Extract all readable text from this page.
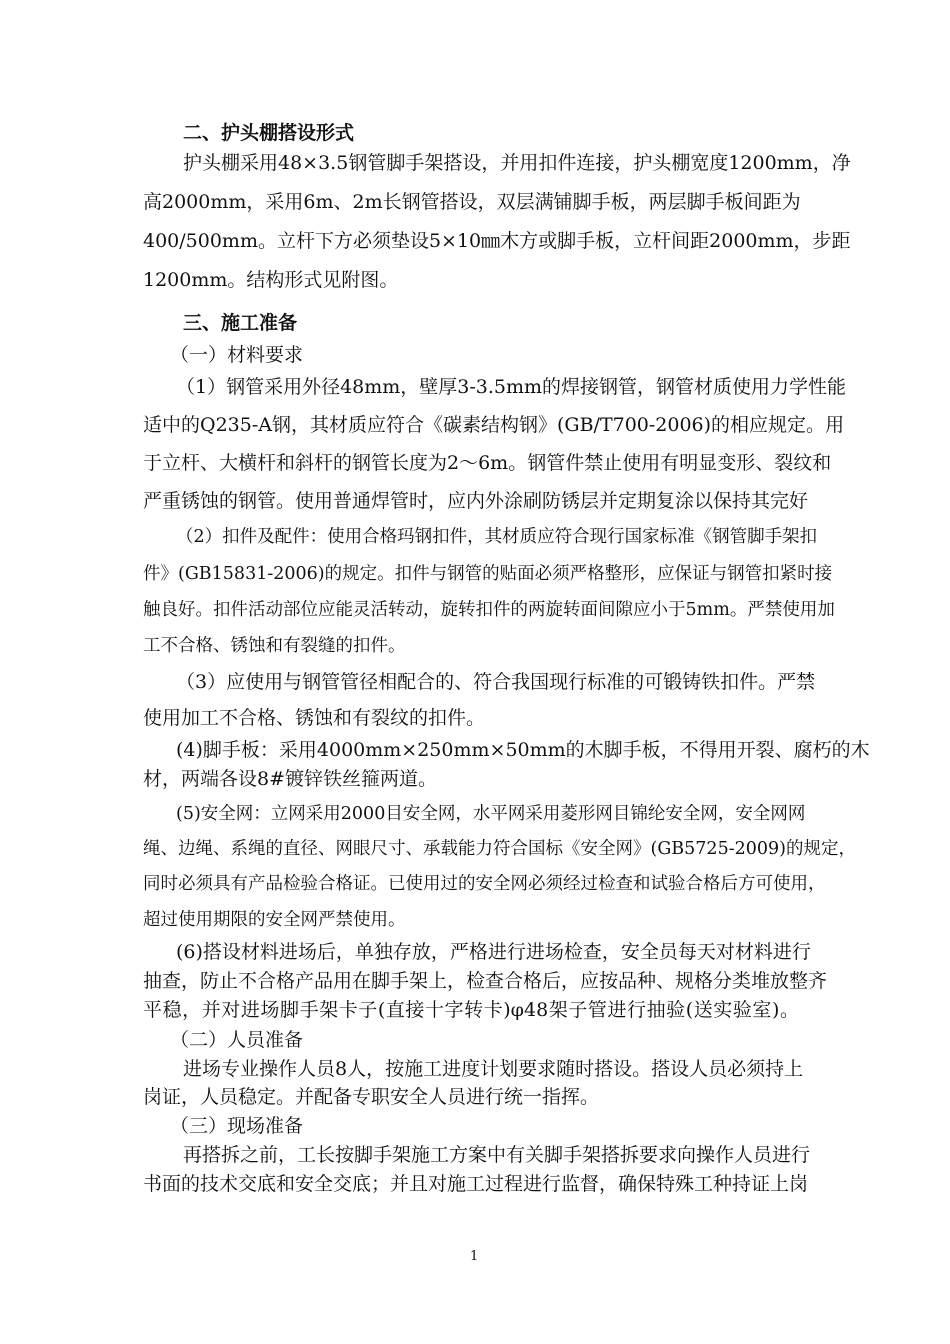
二、护头棚搭设形式
护头棚采用48×3.5钢管脚手架搭设，并用扣件连接，护头棚宽度1200mm，净
高2000mm，采用6m、2m长钢管搭设，双层满铺脚手板，两层脚手板间距为
400/500mm。立杆下方必须垫设5×10㎜木方或脚手板，立杆间距2000mm，步距
1200mm。结构形式见附图。
三、施工准备
（一）材料要求
（1）钢管采用外径48mm，壁厚3-3.5mm的焊接钢管，钢管材质使用力学性能
适中的Q235-A钢，其材质应符合《碳素结构钢》(GB/T700-2006)的相应规定。用
于立杆、大横杆和斜杆的钢管长度为2～6m。钢管件禁止使用有明显变形、裂纹和
严重锈蚀的钢管。使用普通焊管时，应内外涂刷防锈层并定期复涂以保持其完好
（2）扣件及配件：使用合格玛钢扣件，其材质应符合现行国家标准《钢管脚手架扣
件》(GB15831-2006)的规定。扣件与钢管的贴面必须严格整形，应保证与钢管扣紧时接
触良好。扣件活动部位应能灵活转动，旋转扣件的两旋转面间隙应小于5mm。严禁使用加
工不合格、锈蚀和有裂缝的扣件。
（3）应使用与钢管管径相配合的、符合我国现行标准的可锻铸铁扣件。严禁
使用加工不合格、锈蚀和有裂纹的扣件。
(4)脚手板：采用4000mm×250mm×50mm的木脚手板，不得用开裂、腐朽的木
材，两端各设8#镀锌铁丝箍两道。
(5)安全网：立网采用2000目安全网，水平网采用菱形网目锦纶安全网，安全网网
绳、边绳、系绳的直径、网眼尺寸、承载能力符合国标《安全网》(GB5725-2009)的规定，
同时必须具有产品检验合格证。已使用过的安全网必须经过检查和试验合格后方可使用，
超过使用期限的安全网严禁使用。
(6)搭设材料进场后，单独存放，严格进行进场检查，安全员每天对材料进行
抽查，防止不合格产品用在脚手架上，检查合格后，应按品种、规格分类堆放整齐
平稳，并对进场脚手架卡子(直接十字转卡)φ48架子管进行抽验(送实验室)。
（二）人员准备
进场专业操作人员8人，按施工进度计划要求随时搭设。搭设人员必须持上
岗证，人员稳定。并配备专职安全人员进行统一指挥。
（三）现场准备
再搭拆之前，工长按脚手架施工方案中有关脚手架搭拆要求向操作人员进行
书面的技术交底和安全交底；并且对施工过程进行监督，确保特殊工种持证上岗
1
